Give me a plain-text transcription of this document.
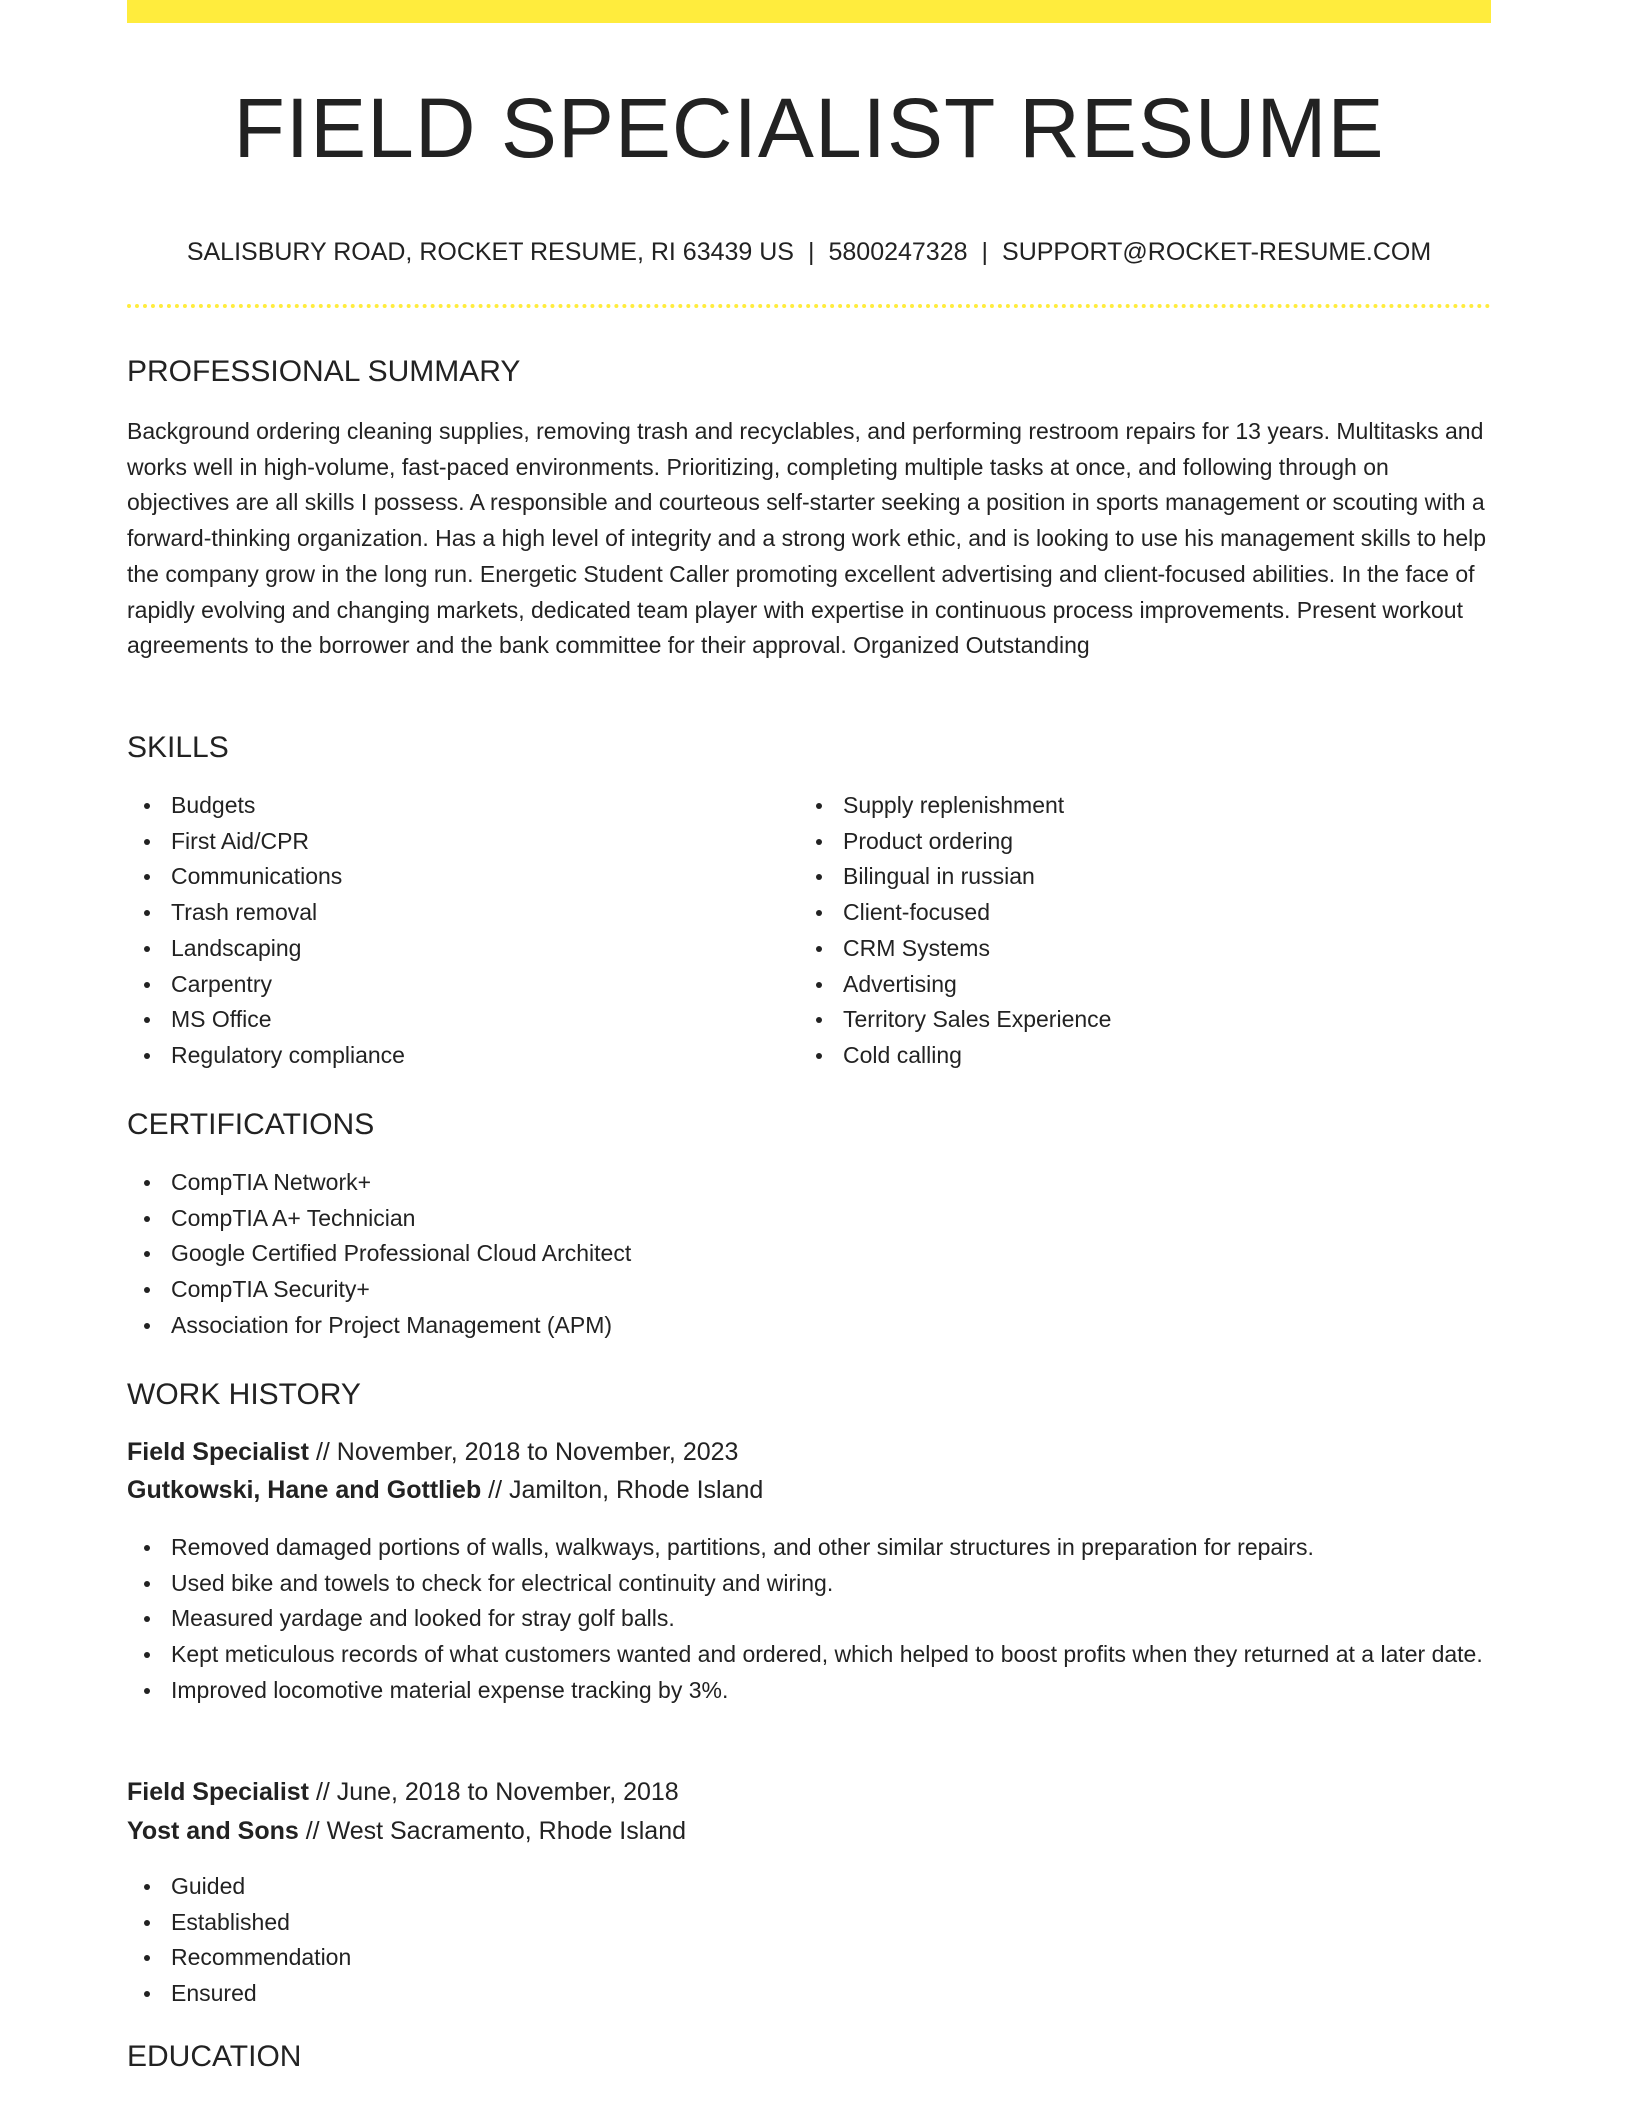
FIELD SPECIALIST RESUME
SALISBURY ROAD, ROCKET RESUME, RI 63439 US | 5800247328 | SUPPORT@ROCKET-RESUME.COM
PROFESSIONAL SUMMARY

Background ordering cleaning supplies, removing trash and recyclables, and performing restroom repairs for 13 years. Multitasks and works well in high-volume, fast-paced environments. Prioritizing, completing multiple tasks at once, and following through on objectives are all skills I possess. A responsible and courteous self-starter seeking a position in sports management or scouting with a forward-thinking organization. Has a high level of integrity and a strong work ethic, and is looking to use his management skills to help the company grow in the long run. Energetic Student Caller promoting excellent advertising and client-focused abilities. In the face of rapidly evolving and changing markets, dedicated team player with expertise in continuous process improvements. Present workout agreements to the borrower and the bank committee for their approval. Organized Outstanding

SKILLS
Budgets
First Aid/CPR
Communications
Trash removal
Landscaping
Carpentry
MS Office
Regulatory compliance
Supply replenishment
Product ordering
Bilingual in russian
Client-focused
CRM Systems
Advertising
Territory Sales Experience
Cold calling
CERTIFICATIONS
CompTIA Network+
CompTIA A+ Technician
Google Certified Professional Cloud Architect
CompTIA Security+
Association for Project Management (APM)
WORK HISTORY
Field Specialist // November, 2018 to November, 2023
Gutkowski, Hane and Gottlieb // Jamilton, Rhode Island
Removed damaged portions of walls, walkways, partitions, and other similar structures in preparation for repairs.
Used bike and towels to check for electrical continuity and wiring.
Measured yardage and looked for stray golf balls.
Kept meticulous records of what customers wanted and ordered, which helped to boost profits when they returned at a later date.
Improved locomotive material expense tracking by 3%.
Field Specialist // June, 2018 to November, 2018
Yost and Sons // West Sacramento, Rhode Island
Guided
Established
Recommendation
Ensured
EDUCATION
